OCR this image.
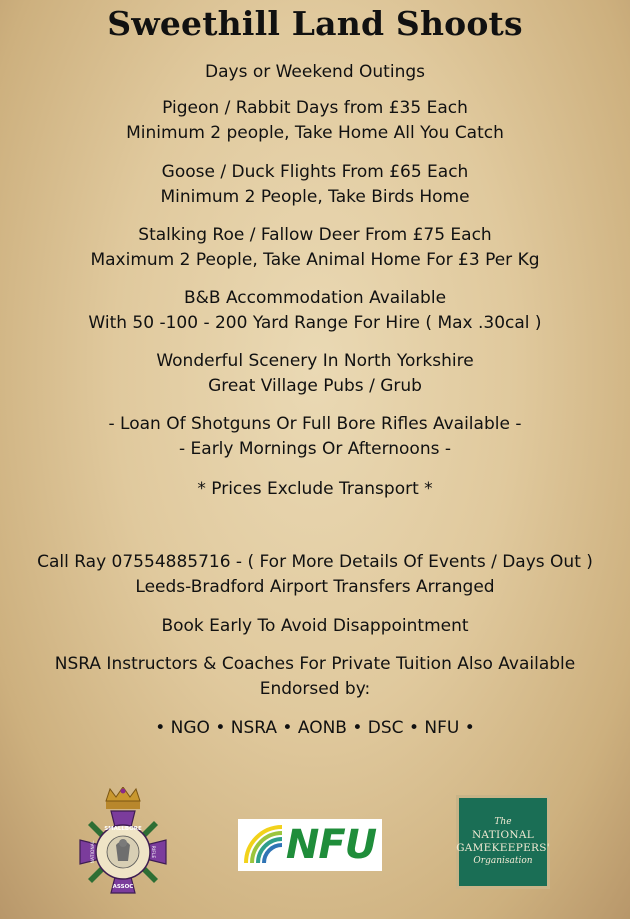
Sweethill Land Shoots
Days or Weekend Outings
Pigeon / Rabbit Days from £35 Each
Minimum 2 people, Take Home All You Catch
Goose / Duck Flights From £65 Each
Minimum 2 People, Take Birds Home
Stalking Roe / Fallow Deer From £75 Each
Maximum 2 People, Take Animal Home For £3 Per Kg
B&B Accommodation Available
With 50 -100 - 200 Yard Range For Hire ( Max .30cal )
Wonderful Scenery In North Yorkshire
Great Village Pubs / Grub
- Loan Of Shotguns Or Full Bore Rifles Available -
- Early Mornings Or Afternoons -
* Prices Exclude Transport *
Call Ray 07554885716 - ( For More Details Of Events / Days Out )
Leeds-Bradford Airport Transfers Arranged
Book Early To Avoid Disappointment
NSRA Instructors & Coaches For Private Tuition Also Available
Endorsed by:
• NGO • NSRA • AONB • DSC • NFU •
SMALLBORE
NATIONAL	RIFLE
ASSOC
NFU	The
NATIONAL
GAMEKEEPERS'
Organisation
